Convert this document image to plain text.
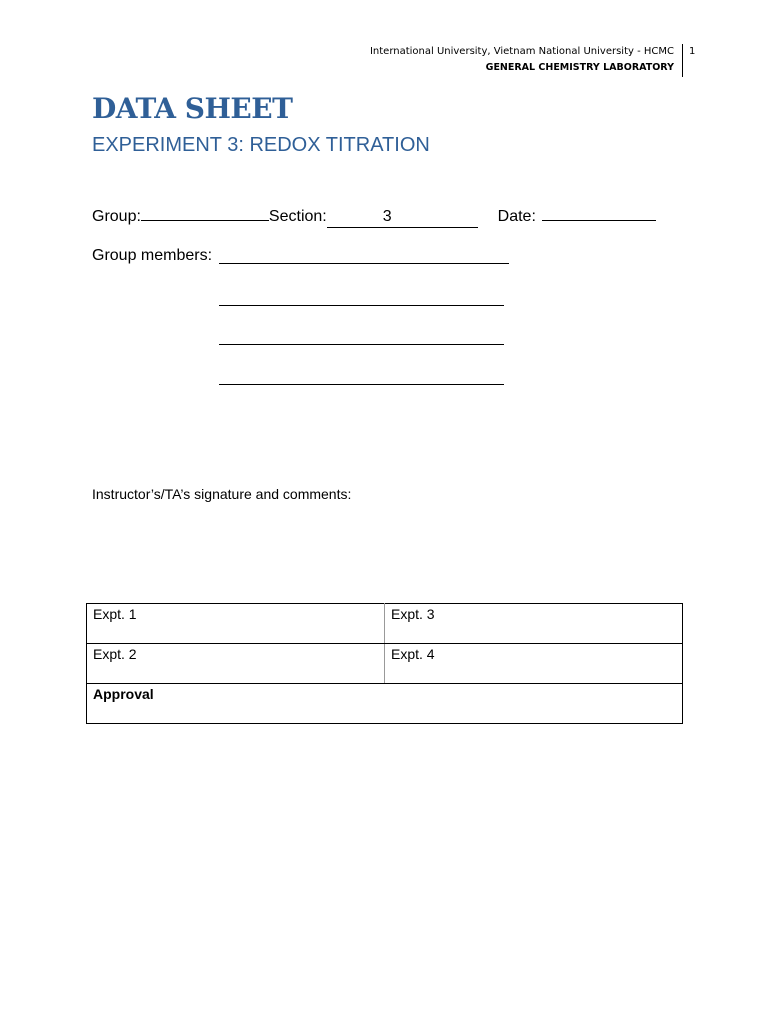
International University, Vietnam National University - HCMC
GENERAL CHEMISTRY LABORATORY
1
DATA SHEET
EXPERIMENT 3: REDOX TITRATION
Group:	Section:	3	Date:
Group members:
Instructor’s/TA’s signature and comments:
Expt. 1	Expt. 3
Expt. 2	Expt. 4
Approval	
